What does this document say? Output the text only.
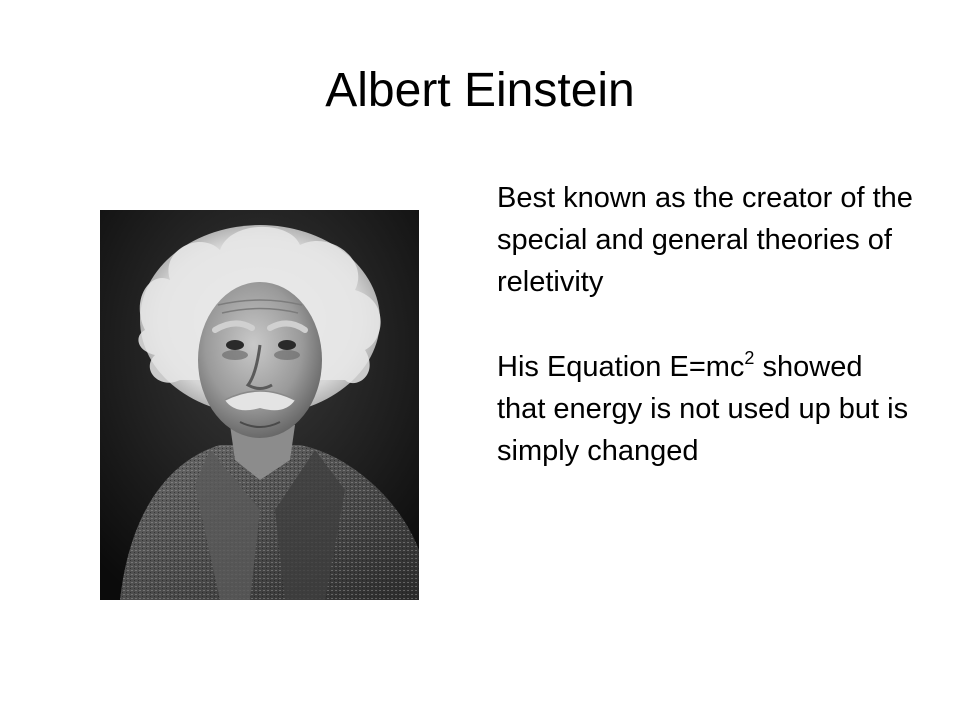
Albert Einstein

Best known as the creator of the special and general theories of reletivity

His Equation $E=mc^2$ showed that energy is not used up but is simply changed
